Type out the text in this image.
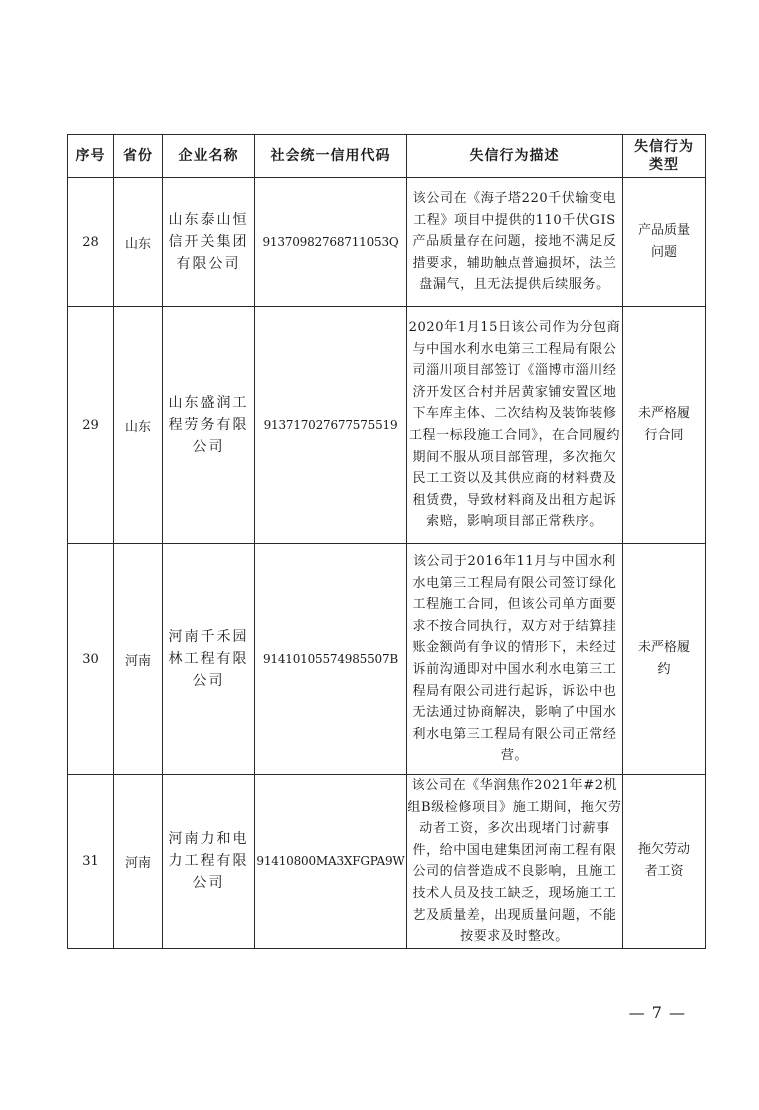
序号	省份	企业名称	社会统一信用代码	失信行为描述	失信行为类型
28	山东	山东泰山恒信开关集团有限公司	91370982768711053Q	该公司在《海子塔220千伏输变电工程》项目中提供的110千伏GIS产品质量存在问题，接地不满足反措要求，辅助触点普遍损坏，法兰盘漏气，且无法提供后续服务。	产品质量问题
29	山东	山东盛润工程劳务有限公司	913717027677575519	2020年1月15日该公司作为分包商与中国水利水电第三工程局有限公司淄川项目部签订《淄博市淄川经济开发区合村并居黄家铺安置区地下车库主体、二次结构及装饰装修工程一标段施工合同》，在合同履约期间不服从项目部管理，多次拖欠民工工资以及其供应商的材料费及租赁费，导致材料商及出租方起诉索赔，影响项目部正常秩序。	未严格履行合同
30	河南	河南千禾园林工程有限公司	91410105574985507B	该公司于2016年11月与中国水利水电第三工程局有限公司签订绿化工程施工合同，但该公司单方面要求不按合同执行，双方对于结算挂账金额尚有争议的情形下，未经过诉前沟通即对中国水利水电第三工程局有限公司进行起诉，诉讼中也无法通过协商解决，影响了中国水利水电第三工程局有限公司正常经营。	未严格履约
31	河南	河南力和电力工程有限公司	91410800MA3XFGPA9W	该公司在《华润焦作2021年#2机组B级检修项目》施工期间，拖欠劳动者工资，多次出现堵门讨薪事件，给中国电建集团河南工程有限公司的信誉造成不良影响，且施工技术人员及技工缺乏，现场施工工艺及质量差，出现质量问题，不能按要求及时整改。	拖欠劳动者工资
— 7 —
